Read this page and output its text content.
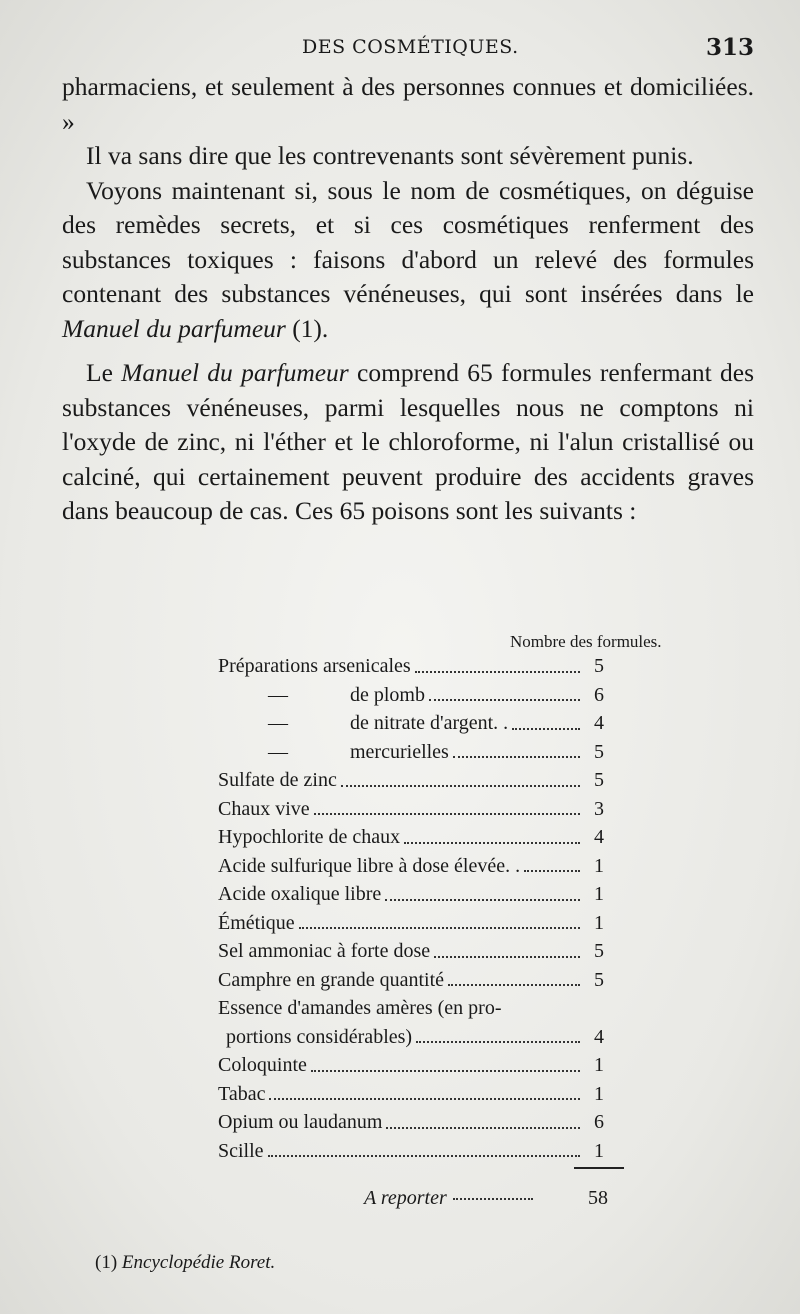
DES COSMÉTIQUES.	313

pharmaciens, et seulement à des personnes connues et domiciliées. »

Il va sans dire que les contrevenants sont sévèrement punis.

Voyons maintenant si, sous le nom de cosmétiques, on déguise des remèdes secrets, et si ces cosmétiques renferment des substances toxiques : faisons d'abord un relevé des formules contenant des substances vénéneuses, qui sont insérées dans le Manuel du parfumeur (1).

Le Manuel du parfumeur comprend 65 formules renfermant des substances vénéneuses, parmi lesquelles nous ne comptons ni l'oxyde de zinc, ni l'éther et le chloroforme, ni l'alun cristallisé ou calciné, qui certainement peuvent produire des accidents graves dans beaucoup de cas. Ces 65 poisons sont les suivants :

Nombre des formules.
Préparations arsenicales	5
—	de plomb	6
—	de nitrate d'argent. .	4
—	mercurielles	5
Sulfate de zinc	5
Chaux vive	3
Hypochlorite de chaux	4
Acide sulfurique libre à dose élevée. .	1
Acide oxalique libre	1
Émétique	1
Sel ammoniac à forte dose	5
Camphre en grande quantité	5
Essence d'amandes amères (en pro-
portions considérables)	4
Coloquinte	1
Tabac	1
Opium ou laudanum	6
Scille	1
A reporter	58
(1) Encyclopédie Roret.
